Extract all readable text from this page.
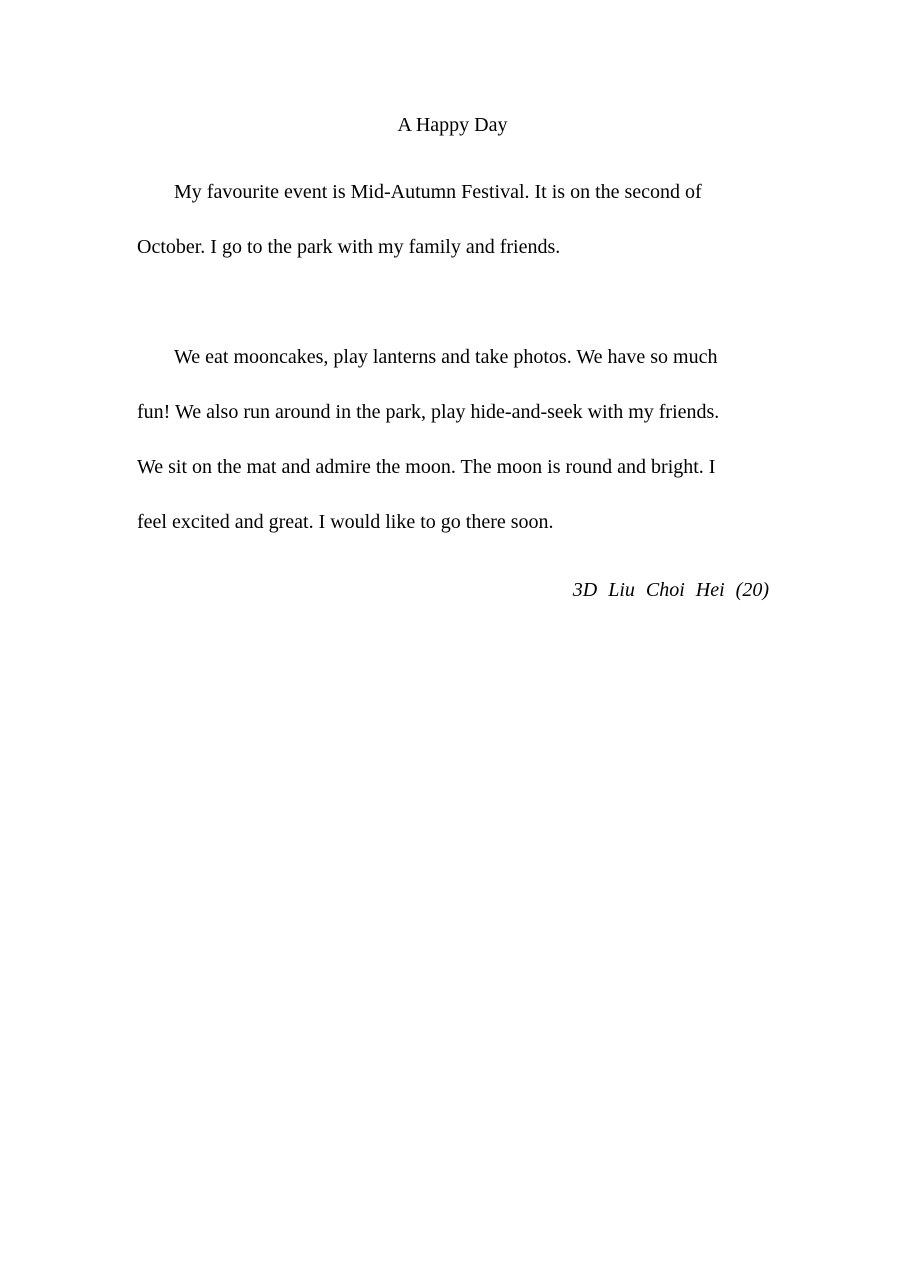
A Happy Day
My favourite event is Mid-Autumn Festival. It is on the second of
October. I go to the park with my family and friends.
We eat mooncakes, play lanterns and take photos. We have so much
fun! We also run around in the park, play hide-and-seek with my friends.
We sit on the mat and admire the moon. The moon is round and bright. I
feel excited and great. I would like to go there soon.
3D Liu Choi Hei (20)
